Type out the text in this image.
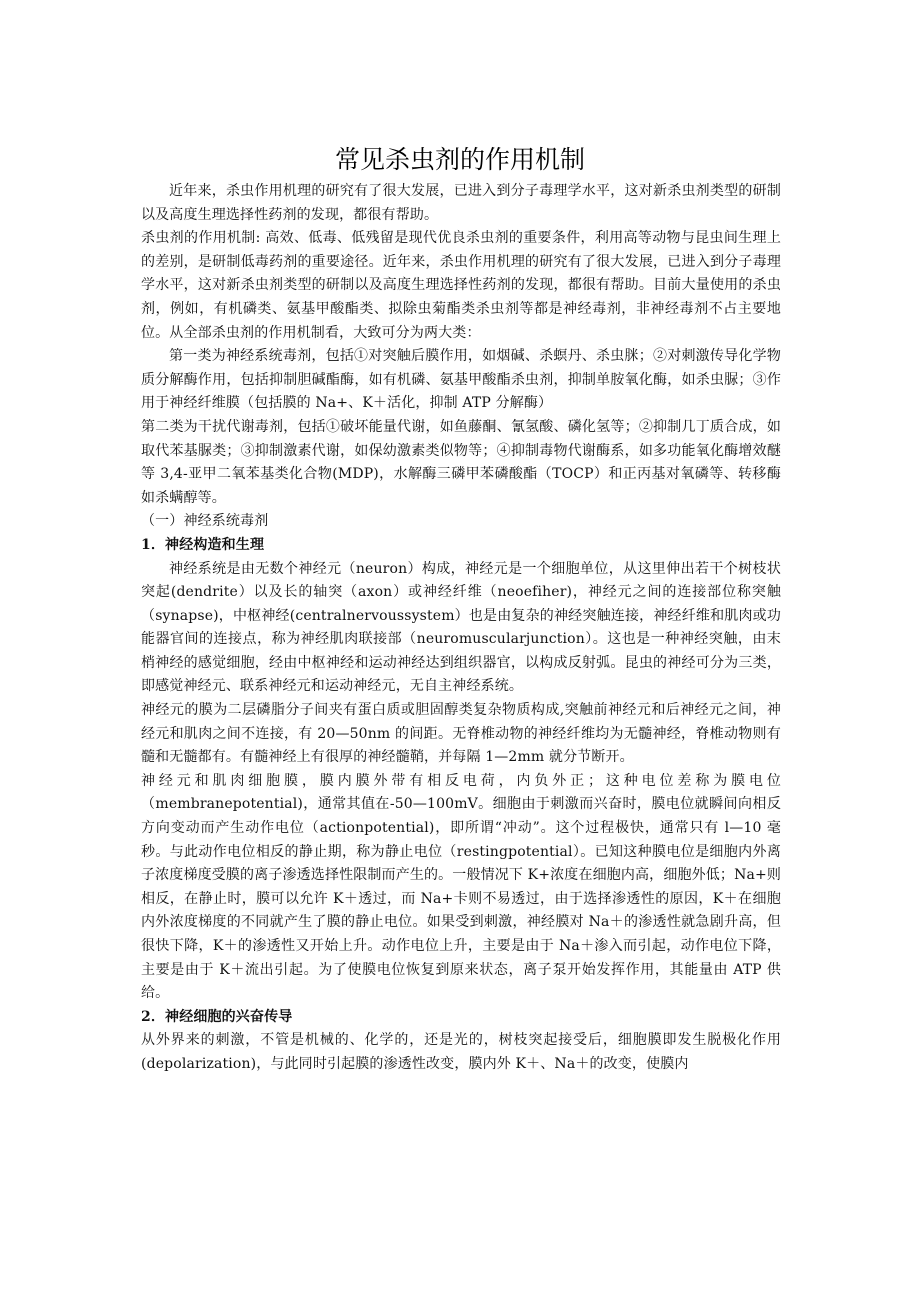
常见杀虫剂的作用机制

近年来，杀虫作用机理的研究有了很大发展，已进入到分子毒理学水平，这对新杀虫剂类型的研制以及高度生理选择性药剂的发现，都很有帮助。

杀虫剂的作用机制: 高效、低毒、低残留是现代优良杀虫剂的重要条件，利用高等动物与昆虫间生理上的差别，是研制低毒药剂的重要途径。近年来，杀虫作用机理的研究有了很大发展，已进入到分子毒理学水平，这对新杀虫剂类型的研制以及高度生理选择性药剂的发现，都很有帮助。目前大量使用的杀虫剂，例如，有机磷类、氨基甲酸酯类、拟除虫菊酯类杀虫剂等都是神经毒剂，非神经毒剂不占主要地位。从全部杀虫剂的作用机制看，大致可分为两大类：

第一类为神经系统毒剂，包括①对突触后膜作用，如烟碱、杀螟丹、杀虫脒；②对刺激传导化学物质分解酶作用，包括抑制胆碱酯酶，如有机磷、氨基甲酸酯杀虫剂，抑制单胺氧化酶，如杀虫脲；③作用于神经纤维膜（包括膜的 Na+、K＋活化，抑制 ATP 分解酶）

第二类为干扰代谢毒剂，包括①破坏能量代谢，如鱼藤酮、氰氢酸、磷化氢等；②抑制几丁质合成，如取代苯基脲类；③抑制激素代谢，如保幼激素类似物等；④抑制毒物代谢酶系，如多功能氧化酶增效醚等 3,4-亚甲二氧苯基类化合物(MDP)，水解酶三磷甲苯磷酸酯（TOCP）和正丙基对氧磷等、转移酶如杀螨醇等。

（一）神经系统毒剂

1．神经构造和生理

神经系统是由无数个神经元（neuron）构成，神经元是一个细胞单位，从这里伸出若干个树枝状突起(dendrite）以及长的轴突（axon）或神经纤维（neoefiher)，神经元之间的连接部位称突触（synapse)，中枢神经(centralnervoussystem）也是由复杂的神经突触连接，神经纤维和肌肉或功能器官间的连接点，称为神经肌肉联接部（neuromuscularjunction）。这也是一种神经突触，由末梢神经的感觉细胞，经由中枢神经和运动神经达到组织器官，以构成反射弧。昆虫的神经可分为三类，即感觉神经元、联系神经元和运动神经元，无自主神经系统。

神经元的膜为二层磷脂分子间夹有蛋白质或胆固醇类复杂物质构成,突触前神经元和后神经元之间，神经元和肌肉之间不连接，有 20—50nm 的间距。无脊椎动物的神经纤维均为无髓神经，脊椎动物则有髓和无髓都有。有髓神经上有很厚的神经髓鞘，并每隔 1—2mm 就分节断开。

神经元和肌肉细胞膜，膜内膜外带有相反电荷，内负外正；这种电位差称为膜电位（membranepotential)，通常其值在-50—100mV。细胞由于刺激而兴奋时，膜电位就瞬间向相反方向变动而产生动作电位（actionpotential)，即所谓“冲动”。这个过程极快，通常只有 l—10 毫秒。与此动作电位相反的静止期，称为静止电位（restingpotential）。已知这种膜电位是细胞内外离子浓度梯度受膜的离子渗透选择性限制而产生的。一般情况下 K+浓度在细胞内高，细胞外低；Na+则相反，在静止时，膜可以允许 K＋透过，而 Na+卡则不易透过，由于选择渗透性的原因，K＋在细胞内外浓度梯度的不同就产生了膜的静止电位。如果受到刺激，神经膜对 Na＋的渗透性就急剧升高，但很快下降，K＋的渗透性又开始上升。动作电位上升，主要是由于 Na＋渗入而引起，动作电位下降，主要是由于 K＋流出引起。为了使膜电位恢复到原来状态，离子泵开始发挥作用，其能量由 ATP 供给。

2．神经细胞的兴奋传导

从外界来的刺激，不管是机械的、化学的，还是光的，树枝突起接受后，细胞膜即发生脱极化作用(depolarization)，与此同时引起膜的渗透性改变，膜内外 K＋、Na＋的改变，使膜内
